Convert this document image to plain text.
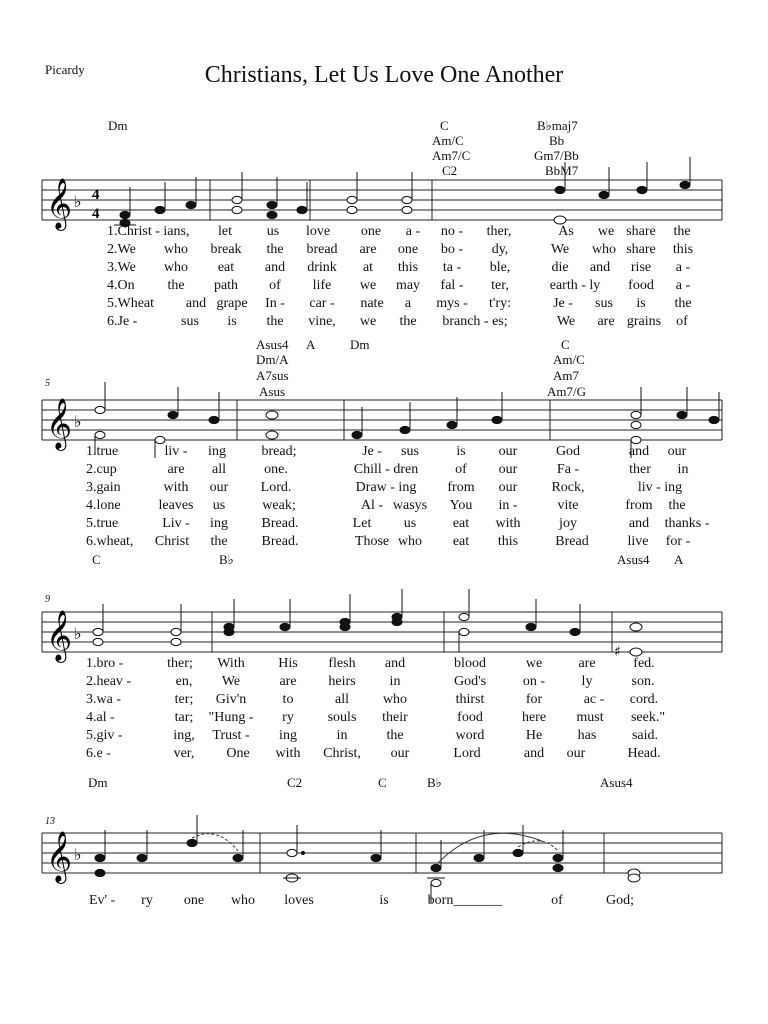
Picardy	Christians, Let Us Love One Another
Dm	C
Am/C
Am7/C
C2
B♭maj7
Bb
Gm7/Bb
BbM7
𝄞 ♭ 4
4
1.Christ - ians, let us love one a - no - ther,	As we share the
2.We who break the bread are one bo - dy,	We who share this
3.We who eat and drink at this ta - ble,	die and rise a -
4.On the path of life we may fal - ter,	earth - ly food a -
5.Wheat and grape In - car - nate a mys - t'ry:	Je - sus is the
6.Je -	sus is the vine, we the branch - es;	We are grains of
Asus4 A
Dm/A
A7sus
Asus
Dm	C
Am/C
Am7
Am7/G
5
𝄞 ♭
1.true	liv - ing	bread;	Je - sus	is our	God	and our
2.cup	are all	one.	Chill - dren	of our	Fa -	ther in
3.gain	with our Lord.	Draw - ing from our Rock,	liv - ing
4.lone	leaves us	weak;	Al - wasys You in -	vite	from the
5.true	Liv - ing Bread.	Let us	eat with	joy	and thanks -
6.wheat, Christ the Bread.	Those who eat this	Bread	live for -
C	B♭	Asus4 A
9
𝄞 ♭
♯
1.bro -	ther; With His flesh and	blood	we	are	fed.
2.heav -	en, We	are heirs in	God's	on -	ly	son.
3.wa -	ter; Giv'n	to	all who	thirst	for	ac - cord.
4.al -	tar; "Hung - ry souls their	food	here must seek."
5.giv -	ing, Trust - ing	in	the	word	He	has	said.
6.e -	ver, One with Christ, our	Lord	and our	Head.
Dm	C2	C	B♭	Asus4
13
𝄞 ♭
Ev' - ry one who loves	is	born_______	of	God;
